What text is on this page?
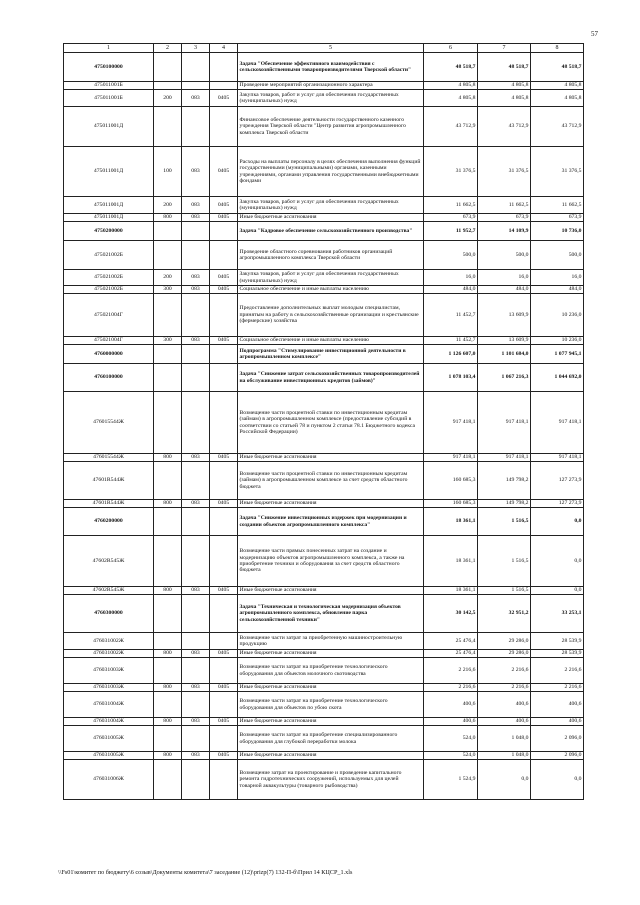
57
1	2	3	4	5	6	7	8
4750100000				Задача "Обеспечение эффективного взаимодействия с сельскохозяйственными товаропроизводителями Тверской области"	48 518,7	48 518,7	48 518,7
475011001Б				Проведение мероприятий организационного характера	4 805,8	4 805,8	4 805,8
475011001Б	200	083	0405	Закупка товаров, работ и услуг для обеспечения государственных (муниципальных) нужд	4 805,8	4 805,8	4 805,8
475011001Д				Финансовое обеспечение деятельности государственного казенного учреждения Тверской области "Центр развития агропромышленного комплекса Тверской области	43 712,9	43 712,9	43 712,9
475011001Д	100	083	0405	Расходы на выплаты персоналу в целях обеспечения выполнения функций государственными (муниципальными) органами, казенными учреждениями, органами управления государственными внебюджетными фондами	31 376,5	31 376,5	31 376,5
475011001Д	200	083	0405	Закупка товаров, работ и услуг для обеспечения государственных (муниципальных) нужд	11 662,5	11 662,5	11 662,5
475011001Д	800	083	0405	Иные бюджетные ассигнования	673,9	673,9	673,9
4750200000				Задача "Кадровое обеспечение сельскохозяйственного производства"	11 952,7	14 109,9	10 736,0
475021002Б				Проведение областного соревнования работников организаций агропромышленного комплекса Тверской области	500,0	500,0	500,0
475021002Б	200	083	0405	Закупка товаров, работ и услуг для обеспечения государственных (муниципальных) нужд	16,0	16,0	16,0
475021002Б	300	083	0405	Социальное обеспечение и иные выплаты населению	484,0	484,0	484,0
475021004Г				Предоставление дополнительных выплат молодым специалистам, принятым на работу в сельскохозяйственные организации и крестьянские (фермерские) хозяйства	11 452,7	13 609,9	10 236,0
475021004Г	300	083	0405	Социальное обеспечение и иные выплаты населению	11 452,7	13 609,9	10 236,0
4760000000				Подпрограмма "Стимулирование инвестиционной деятельности в агропромышленном комплексе"	1 126 607,0	1 101 684,0	1 077 945,1
4760100000				Задача "Снижение затрат сельскохозяйственных товаропроизводителей на обслуживание инвестиционных кредитов (займов)"	1 078 103,4	1 067 216,3	1 044 692,0
476015544Ж				Возмещение части процентной ставки по инвестиционным кредитам (займам) в агропромышленном комплексе (предоставление субсидий в соответствии со статьей 78 и пунктом 2 статьи 78.1 Бюджетного кодекса Российской Федерации)	917 418,1	917 418,1	917 418,1
476015544Ж	800	083	0405	Иные бюджетные ассигнования	917 418,1	917 418,1	917 418,1
47601R544Ж				Возмещение части процентной ставки по инвестиционным кредитам (займам) в агропромышленном комплексе за счет средств областного бюджета	160 685,3	149 798,2	127 273,9
47601R544Ж	800	083	0405	Иные бюджетные ассигнования	160 685,3	149 798,2	127 273,9
4760200000				Задача "Снижение инвестиционных издержек при модернизации и создании объектов агропромышленного комплекса"	18 361,1	1 516,5	0,0
47602R545Ж				Возмещение части прямых понесенных затрат на создание и модернизацию объектов агропромышленного комплекса, а также на приобретение техники и оборудования за счет средств областного бюджета	18 361,1	1 516,5	0,0
47602R545Ж	800	083	0405	Иные бюджетные ассигнования	18 361,1	1 516,5	0,0
4760300000				Задача "Техническая и технологическая модернизация объектов агропромышленного комплекса, обновление парка сельскохозяйственной техники"	30 142,5	32 951,2	33 253,1
476031002Ж				Возмещение части затрат за приобретенную машиностроительную продукцию	25 476,4	29 286,0	28 539,9
476031002Ж	800	083	0405	Иные бюджетные ассигнования	25 476,4	29 286,0	28 539,9
476031003Ж				Возмещение части затрат на приобретение технологического оборудования для объектов молочного скотоводства	2 216,6	2 216,6	2 216,6
476031003Ж	800	083	0405	Иные бюджетные ассигнования	2 216,6	2 216,6	2 216,6
476031004Ж				Возмещение части затрат на приобретение технологического оборудования для объектов по убою скота	400,6	400,6	400,6
476031004Ж	800	083	0405	Иные бюджетные ассигнования	400,6	400,6	400,6
476031005Ж				Возмещение части затрат на приобретение специализированного оборудования для глубокой переработки молока	524,0	1 048,0	2 096,0
476031005Ж	800	083	0405	Иные бюджетные ассигнования	524,0	1 048,0	2 096,0
476031006Ж				Возмещение затрат на проектирование и проведение капитального ремонта гидротехнических сооружений, используемых для целей товарной аквакультуры (товарного рыбоводства)	1 524,9	0,0	0,0
\\Fs01\комитет по бюджету\6 созыв\Документы комитета\7 заседание (12)\prizp(7) 132-П-б\Прил 14 КЦСР_1.xls
